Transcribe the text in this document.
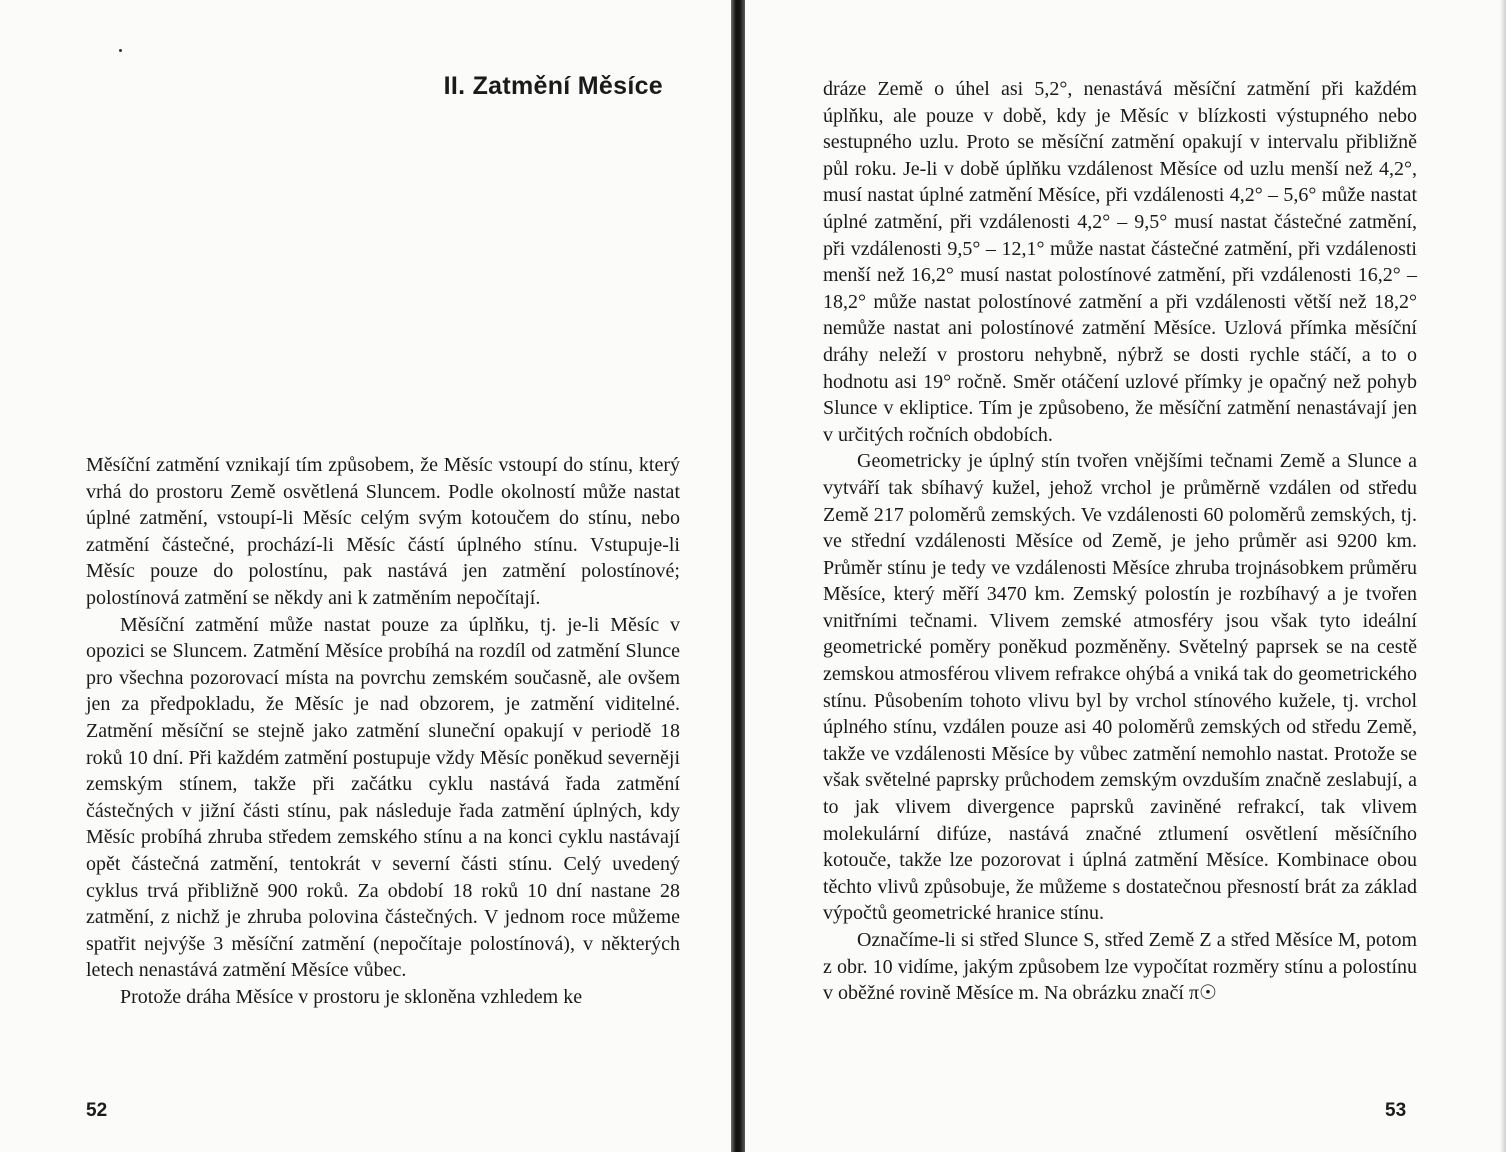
II. Zatmění Měsíce

Měsíční zatmění vznikají tím způsobem, že Měsíc vstoupí do stínu, který vrhá do prostoru Země osvětlená Sluncem. Podle okolností může nastat úplné zatmění, vstoupí-li Měsíc celým svým kotoučem do stínu, nebo zatmění částečné, prochází-li Měsíc částí úplného stínu. Vstupuje-li Měsíc pouze do polostínu, pak nastává jen zatmění polostínové; polostínová zatmění se někdy ani k zatměním nepočítají.

Měsíční zatmění může nastat pouze za úplňku, tj. je-li Měsíc v opozici se Sluncem. Zatmění Měsíce probíhá na rozdíl od zatmění Slunce pro všechna pozorovací místa na povrchu zemském současně, ale ovšem jen za předpokladu, že Měsíc je nad obzorem, je zatmění viditelné. Zatmění měsíční se stejně jako zatmění sluneční opakují v periodě 18 roků 10 dní. Při každém zatmění postupuje vždy Měsíc poněkud severněji zemským stínem, takže při začátku cyklu nastává řada zatmění částečných v jižní části stínu, pak následuje řada zatmění úplných, kdy Měsíc probíhá zhruba středem zemského stínu a na konci cyklu nastávají opět částečná zatmění, tentokrát v severní části stínu. Celý uvedený cyklus trvá přibližně 900 roků. Za období 18 roků 10 dní nastane 28 zatmění, z nichž je zhruba polovina částečných. V jednom roce můžeme spatřit nejvýše 3 měsíční zatmění (nepočítaje polostínová), v některých letech nenastává zatmění Měsíce vůbec.

Protože dráha Měsíce v prostoru je skloněna vzhledem ke

52

dráze Země o úhel asi 5,2°, nenastává měsíční zatmění při každém úplňku, ale pouze v době, kdy je Měsíc v blízkosti výstupného nebo sestupného uzlu. Proto se měsíční zatmění opakují v intervalu přibližně půl roku. Je-li v době úplňku vzdálenost Měsíce od uzlu menší než 4,2°, musí nastat úplné zatmění Měsíce, při vzdálenosti 4,2° – 5,6° může nastat úplné zatmění, při vzdálenosti 4,2° – 9,5° musí nastat částečné zatmění, při vzdálenosti 9,5° – 12,1° může nastat částečné zatmění, při vzdálenosti menší než 16,2° musí nastat polostínové zatmění, při vzdálenosti 16,2° – 18,2° může nastat polostínové zatmění a při vzdálenosti větší než 18,2° nemůže nastat ani polostínové zatmění Měsíce. Uzlová přímka měsíční dráhy neleží v prostoru nehybně, nýbrž se dosti rychle stáčí, a to o hodnotu asi 19° ročně. Směr otáčení uzlové přímky je opačný než pohyb Slunce v ekliptice. Tím je způsobeno, že měsíční zatmění nenastávají jen v určitých ročních obdobích.

Geometricky je úplný stín tvořen vnějšími tečnami Země a Slunce a vytváří tak sbíhavý kužel, jehož vrchol je průměrně vzdálen od středu Země 217 poloměrů zemských. Ve vzdálenosti 60 poloměrů zemských, tj. ve střední vzdálenosti Měsíce od Země, je jeho průměr asi 9200 km. Průměr stínu je tedy ve vzdálenosti Měsíce zhruba trojnásobkem průměru Měsíce, který měří 3470 km. Zemský polostín je rozbíhavý a je tvořen vnitřními tečnami. Vlivem zemské atmosféry jsou však tyto ideální geometrické poměry poněkud pozměněny. Světelný paprsek se na cestě zemskou atmosférou vlivem refrakce ohýbá a vniká tak do geometrického stínu. Působením tohoto vlivu byl by vrchol stínového kužele, tj. vrchol úplného stínu, vzdálen pouze asi 40 poloměrů zemských od středu Země, takže ve vzdálenosti Měsíce by vůbec zatmění nemohlo nastat. Protože se však světelné paprsky průchodem zemským ovzduším značně zeslabují, a to jak vlivem divergence paprsků zaviněné refrakcí, tak vlivem molekulární difúze, nastává značné ztlumení osvětlení měsíčního kotouče, takže lze pozorovat i úplná zatmění Měsíce. Kombinace obou těchto vlivů způsobuje, že můžeme s dostatečnou přesností brát za základ výpočtů geometrické hranice stínu.

Označíme-li si střed Slunce S, střed Země Z a střed Měsíce M, potom z obr. 10 vidíme, jakým způsobem lze vypočítat rozměry stínu a polostínu v oběžné rovině Měsíce m. Na obrázku značí π☉

53
